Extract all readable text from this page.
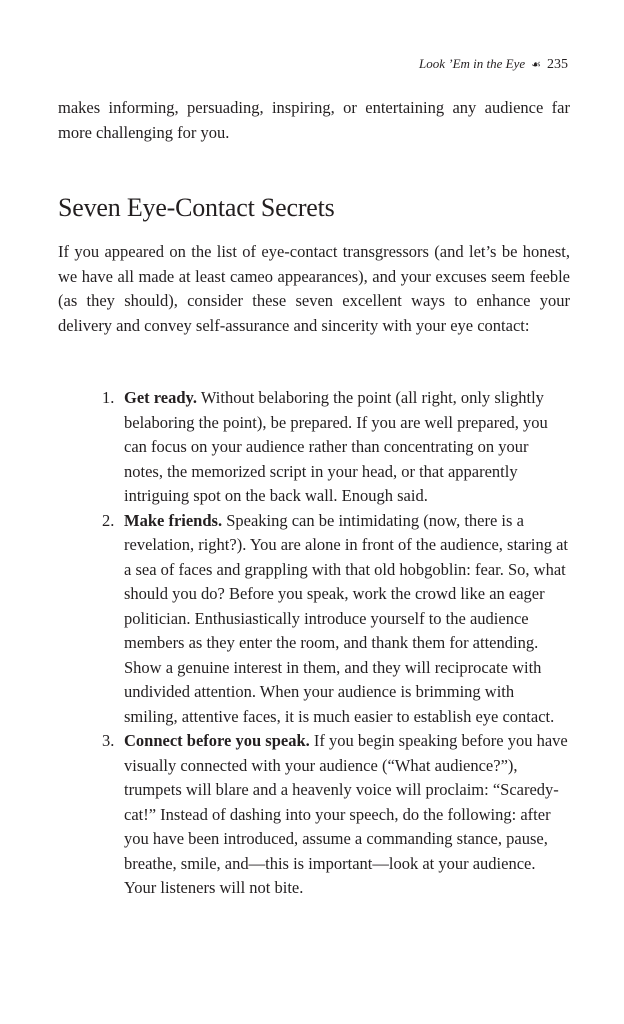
Look ’Em in the Eye ☙ 235

makes informing, persuading, inspiring, or entertaining any audience far more challenging for you.

Seven Eye-Contact Secrets

If you appeared on the list of eye-contact transgressors (and let’s be honest, we have all made at least cameo appearances), and your excuses seem feeble (as they should), consider these seven excellent ways to enhance your delivery and convey self-assurance and sincerity with your eye contact:

1. Get ready. Without belaboring the point (all right, only slightly belaboring the point), be prepared. If you are well prepared, you can focus on your audience rather than concentrating on your notes, the memorized script in your head, or that apparently intriguing spot on the back wall. Enough said.
2. Make friends. Speaking can be intimidating (now, there is a revelation, right?). You are alone in front of the audience, staring at a sea of faces and grappling with that old hobgoblin: fear. So, what should you do? Before you speak, work the crowd like an eager politician. Enthusiastically introduce yourself to the audience members as they enter the room, and thank them for attending. Show a genuine interest in them, and they will reciprocate with undivided attention. When your audience is brimming with smiling, attentive faces, it is much easier to establish eye contact.
3. Connect before you speak. If you begin speaking before you have visually connected with your audience (“What audience?”), trumpets will blare and a heavenly voice will proclaim: “Scaredy-cat!” Instead of dashing into your speech, do the following: after you have been introduced, assume a commanding stance, pause, breathe, smile, and—this is important—look at your audience. Your listeners will not bite.
